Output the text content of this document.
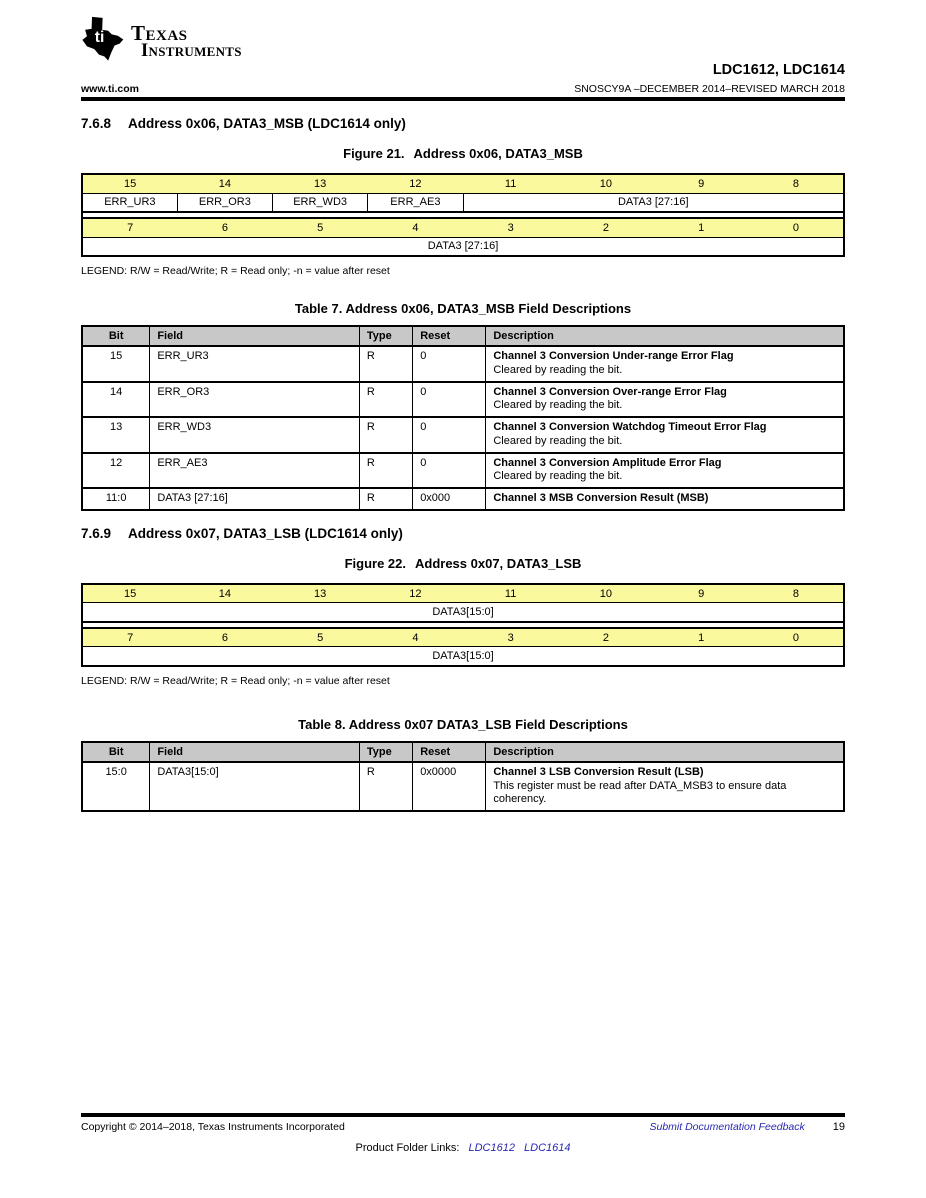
ti Texas
Instruments
LDC1612, LDC1614
www.ti.com	SNOSCY9A –DECEMBER 2014–REVISED MARCH 2018
7.6.8 Address 0x06, DATA3_MSB (LDC1614 only)
Figure 21. Address 0x06, DATA3_MSB
15	14	13	12	11	10	9	8
ERR_UR3	ERR_OR3	ERR_WD3	ERR_AE3	DATA3 [27:16]			

7	6	5	4	3	2	1	0
DATA3 [27:16]							
LEGEND: R/W = Read/Write; R = Read only; -n = value after reset
Table 7. Address 0x06, DATA3_MSB Field Descriptions
Bit	Field	Type	Reset	Description
15	ERR_UR3	R	0	Channel 3 Conversion Under-range Error Flag
Cleared by reading the bit.

14	ERR_OR3	R	0	Channel 3 Conversion Over-range Error Flag
Cleared by reading the bit.

13	ERR_WD3	R	0	Channel 3 Conversion Watchdog Timeout Error Flag
Cleared by reading the bit.

12	ERR_AE3	R	0	Channel 3 Conversion Amplitude Error Flag
Cleared by reading the bit.

11:0	DATA3 [27:16]	R	0x000	Channel 3 MSB Conversion Result (MSB)
7.6.9 Address 0x07, DATA3_LSB (LDC1614 only)
Figure 22. Address 0x07, DATA3_LSB
15	14	13	12	11	10	9	8
DATA3[15:0]							

7	6	5	4	3	2	1	0
DATA3[15:0]							
LEGEND: R/W = Read/Write; R = Read only; -n = value after reset
Table 8. Address 0x07 DATA3_LSB Field Descriptions
Bit	Field	Type	Reset	Description
15:0	DATA3[15:0]	R	0x0000	Channel 3 LSB Conversion Result (LSB)
This register must be read after DATA_MSB3 to ensure data coherency.
Copyright © 2014–2018, Texas Instruments Incorporated	Submit Documentation Feedback	19
Product Folder Links: LDC1612 LDC1614
